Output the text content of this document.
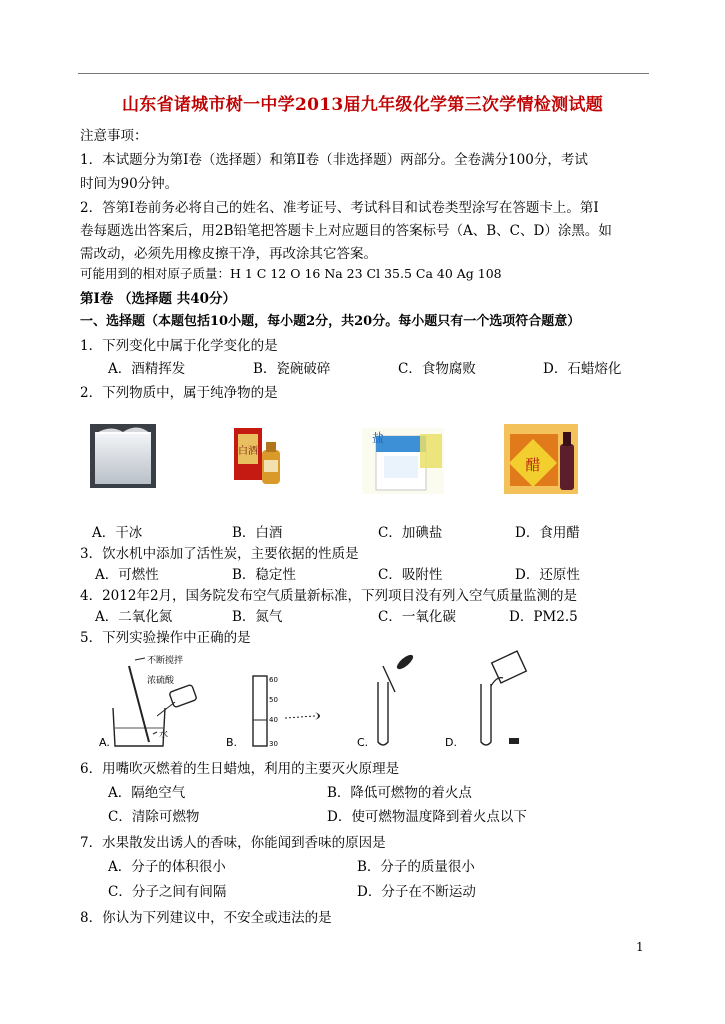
山东省诸城市树一中学2013届九年级化学第三次学情检测试题
注意事项：
1．本试题分为第Ⅰ卷（选择题）和第Ⅱ卷（非选择题）两部分。全卷满分100分，考试
时间为90分钟。
2．答第Ⅰ卷前务必将自己的姓名、准考证号、考试科目和试卷类型涂写在答题卡上。第Ⅰ
卷每题选出答案后，用2B铅笔把答题卡上对应题目的答案标号（A、B、C、D）涂黑。如
需改动，必须先用橡皮擦干净，再改涂其它答案。
可能用到的相对原子质量：H 1 C 12 O 16 Na 23 Cl 35.5 Ca 40 Ag 108
第Ⅰ卷 （选择题 共40分）
一、选择题（本题包括10小题，每小题2分，共20分。每小题只有一个选项符合题意）
1．下列变化中属于化学变化的是
A．酒精挥发	B．瓷碗破碎	C．食物腐败	D．石蜡熔化
2．下列物质中，属于纯净物的是
白酒
盐
醋
A．干冰	B．白酒	C．加碘盐	D．食用醋
3．饮水机中添加了活性炭，主要依据的性质是
A．可燃性	B．稳定性	C．吸附性	D．还原性
4．2012年2月，国务院发布空气质量新标准，下列项目没有列入空气质量监测的是
A．二氧化氮	B．氮气	C．一氧化碳	D．PM2.5
5．下列实验操作中正确的是
不断搅拌
浓硫酸
水
A.
60
50
40
30
B.	C.	D.
6．用嘴吹灭燃着的生日蜡烛，利用的主要灭火原理是
A．隔绝空气	B．降低可燃物的着火点
C．清除可燃物	D．使可燃物温度降到着火点以下
7．水果散发出诱人的香味，你能闻到香味的原因是
A．分子的体积很小	B．分子的质量很小
C．分子之间有间隔	D．分子在不断运动
8．你认为下列建议中，不安全或违法的是
1
